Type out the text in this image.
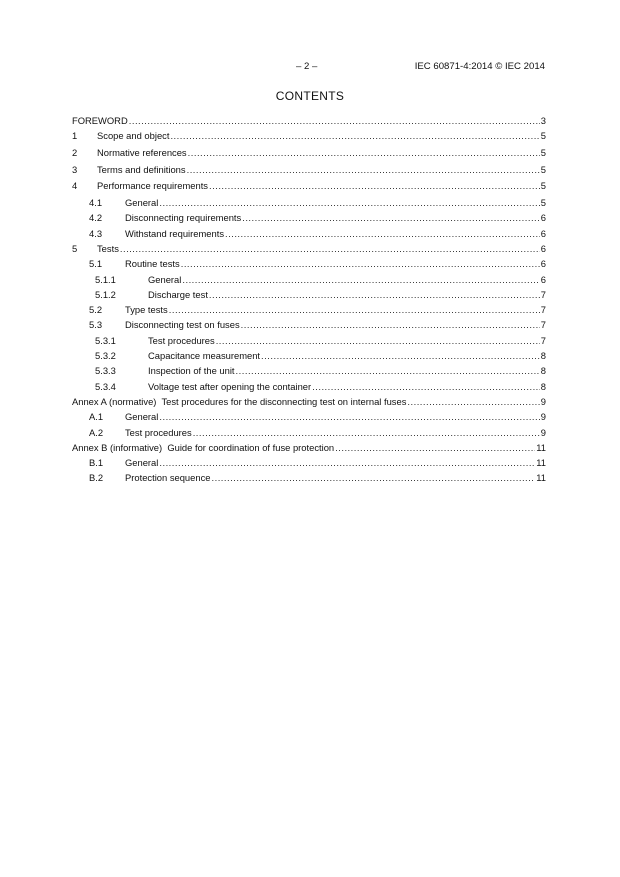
– 2 –	IEC 60871-4:2014 © IEC 2014
CONTENTS
FOREWORD .....	3
1	Scope and object .....	5
2	Normative references .....	5
3	Terms and definitions .....	5
4	Performance requirements .....	5
4.1	General .....	5
4.2	Disconnecting requirements .....	6
4.3	Withstand requirements .....	6
5	Tests .....	6
5.1	Routine tests .....	6
5.1.1	General .....	6
5.1.2	Discharge test .....	7
5.2	Type tests .....	7
5.3	Disconnecting test on fuses .....	7
5.3.1	Test procedures .....	7
5.3.2	Capacitance measurement .....	8
5.3.3	Inspection of the unit .....	8
5.3.4	Voltage test after opening the container .....	8
Annex A (normative)  Test procedures for the disconnecting test on internal fuses .....	9
A.1	General .....	9
A.2	Test procedures .....	9
Annex B (informative)  Guide for coordination of fuse protection .....	11
B.1	General .....	11
B.2	Protection sequence .....	11
